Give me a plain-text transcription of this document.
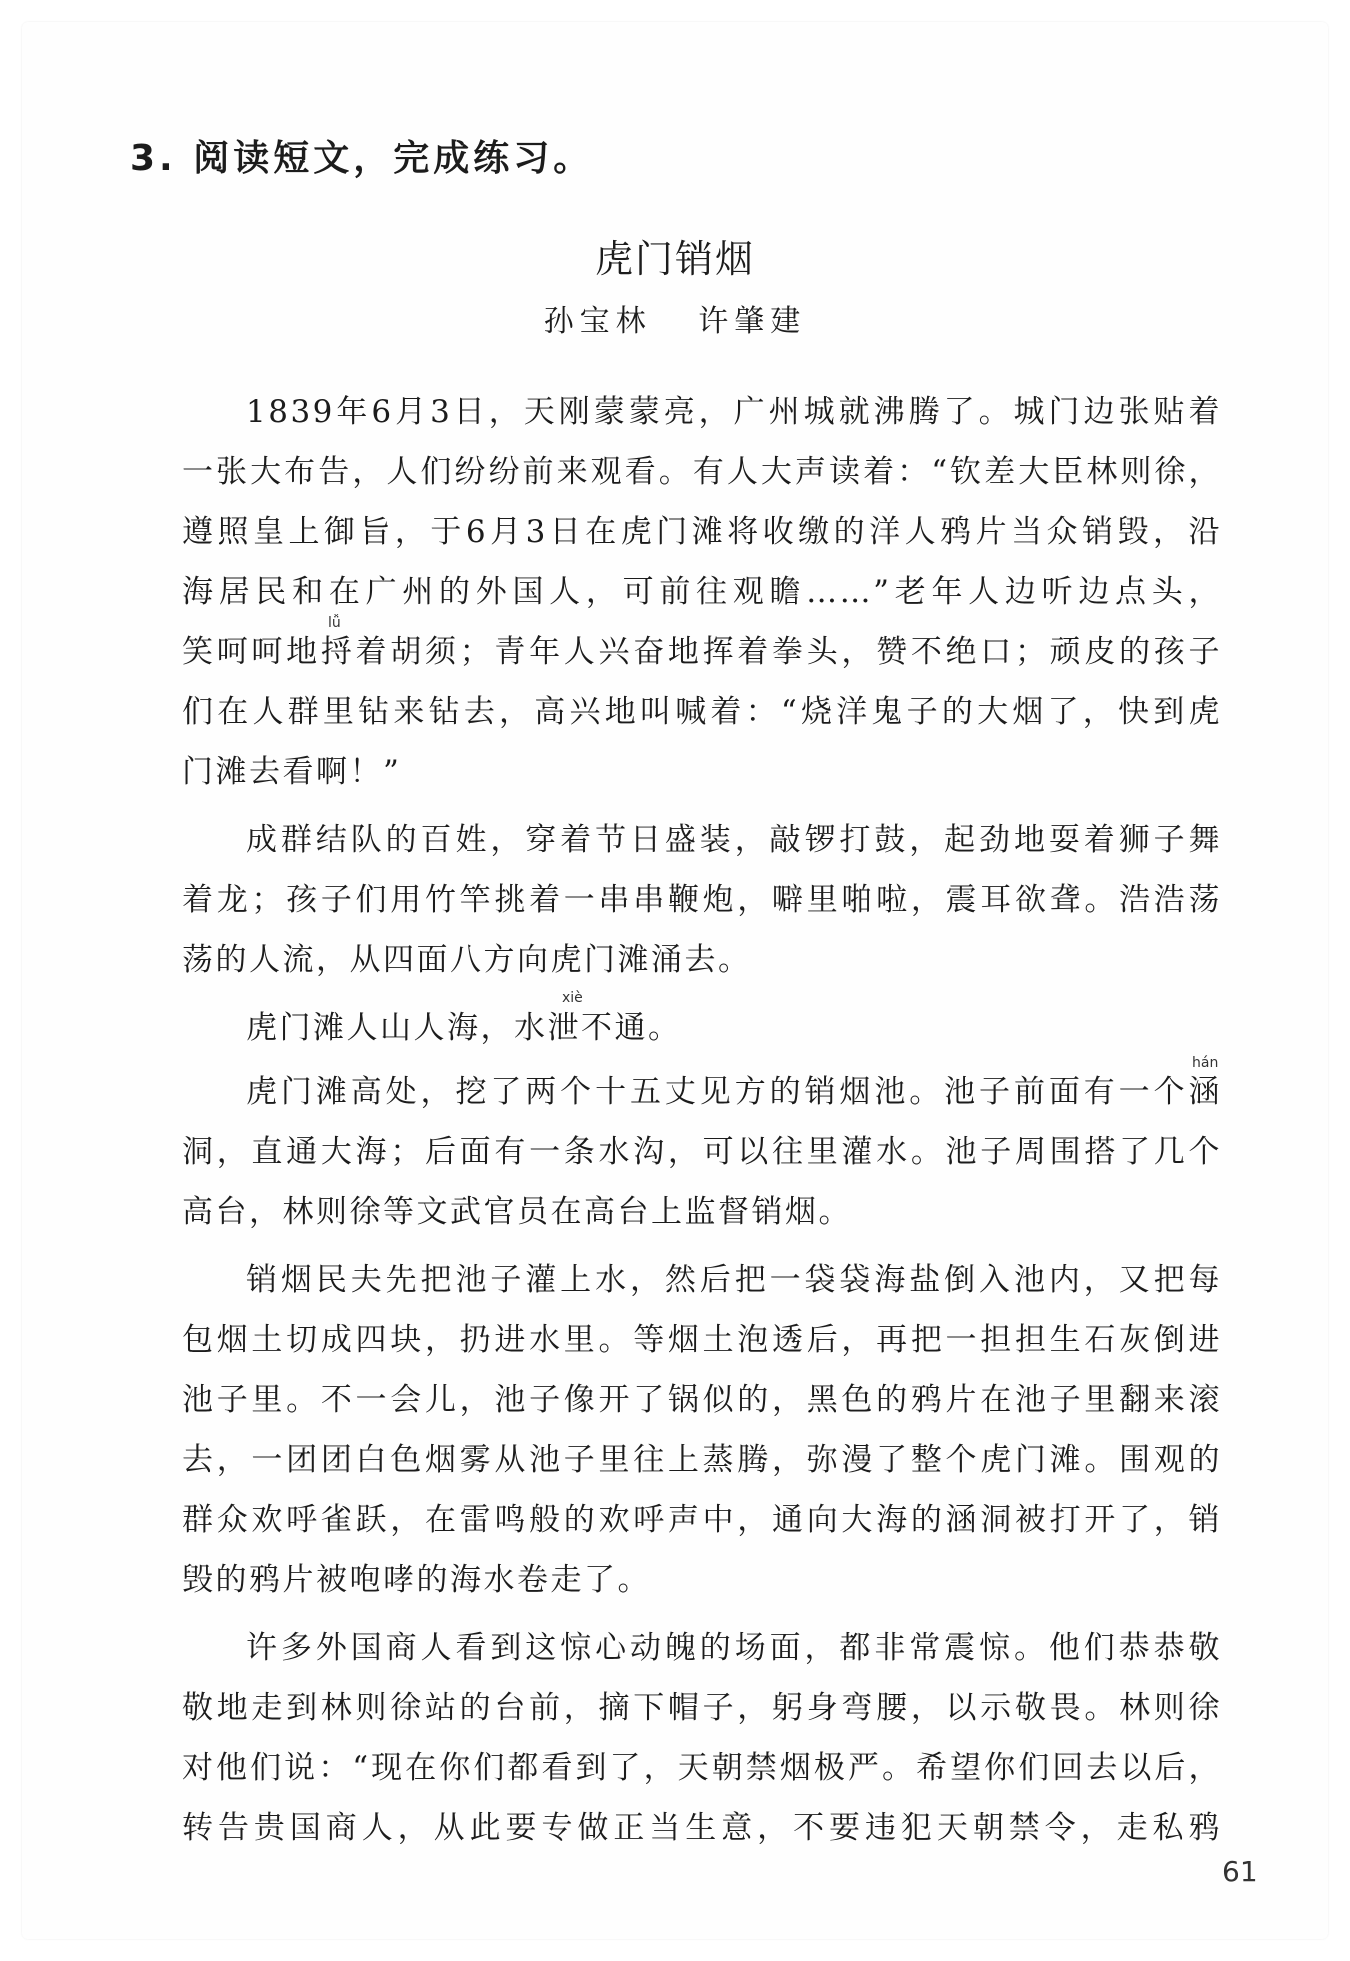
3. 阅读短文，完成练习。
虎门销烟
孙宝林   许肇建
1839年6月3日，天刚蒙蒙亮，广州城就沸腾了。城门边张贴着
一张大布告，人们纷纷前来观看。有人大声读着：“钦差大臣林则徐，
遵照皇上御旨，于6月3日在虎门滩将收缴的洋人鸦片当众销毁，沿
海居民和在广州的外国人，可前往观瞻……”老年人边听边点头，
lǚ
笑呵呵地捋着胡须；青年人兴奋地挥着拳头，赞不绝口；顽皮的孩子
们在人群里钻来钻去，高兴地叫喊着：“烧洋鬼子的大烟了，快到虎
门滩去看啊！”
成群结队的百姓，穿着节日盛装，敲锣打鼓，起劲地耍着狮子舞
着龙；孩子们用竹竿挑着一串串鞭炮，噼里啪啦，震耳欲聋。浩浩荡
荡的人流，从四面八方向虎门滩涌去。
xiè
虎门滩人山人海，水泄不通。
hán
虎门滩高处，挖了两个十五丈见方的销烟池。池子前面有一个涵
洞，直通大海；后面有一条水沟，可以往里灌水。池子周围搭了几个
高台，林则徐等文武官员在高台上监督销烟。
销烟民夫先把池子灌上水，然后把一袋袋海盐倒入池内，又把每
包烟土切成四块，扔进水里。等烟土泡透后，再把一担担生石灰倒进
池子里。不一会儿，池子像开了锅似的，黑色的鸦片在池子里翻来滚
去，一团团白色烟雾从池子里往上蒸腾，弥漫了整个虎门滩。围观的
群众欢呼雀跃，在雷鸣般的欢呼声中，通向大海的涵洞被打开了，销
毁的鸦片被咆哮的海水卷走了。
许多外国商人看到这惊心动魄的场面，都非常震惊。他们恭恭敬
敬地走到林则徐站的台前，摘下帽子，躬身弯腰，以示敬畏。林则徐
对他们说：“现在你们都看到了，天朝禁烟极严。希望你们回去以后，
转告贵国商人，从此要专做正当生意，不要违犯天朝禁令，走私鸦
61
